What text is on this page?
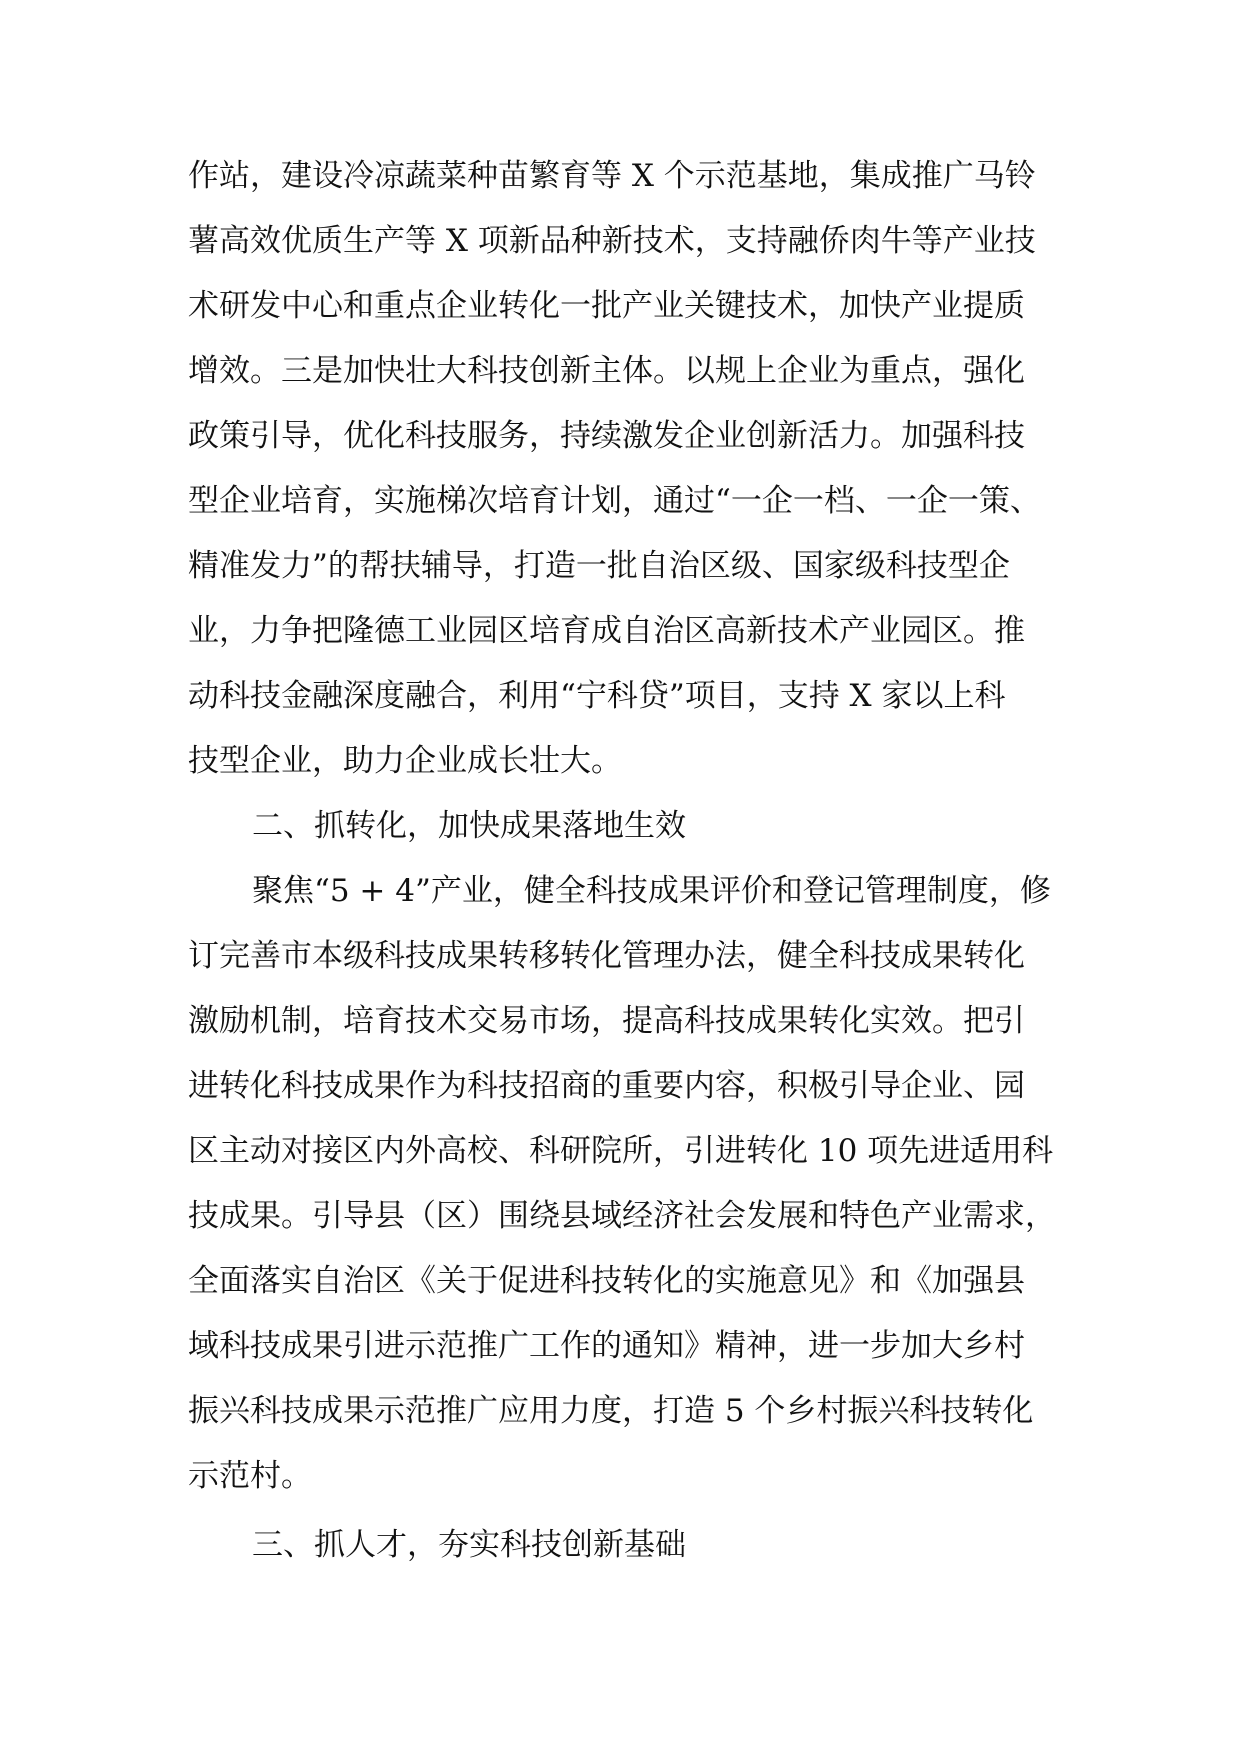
作站，建设冷凉蔬菜种苗繁育等 X 个示范基地，集成推广马铃
薯高效优质生产等 X 项新品种新技术，支持融侨肉牛等产业技
术研发中心和重点企业转化一批产业关键技术，加快产业提质
增效。三是加快壮大科技创新主体。以规上企业为重点，强化
政策引导，优化科技服务，持续激发企业创新活力。加强科技
型企业培育，实施梯次培育计划，通过“一企一档、一企一策、
精准发力”的帮扶辅导，打造一批自治区级、国家级科技型企
业，力争把隆德工业园区培育成自治区高新技术产业园区。推
动科技金融深度融合，利用“宁科贷”项目，支持 X 家以上科
技型企业，助力企业成长壮大。
二、抓转化，加快成果落地生效
聚焦“5 + 4”产业，健全科技成果评价和登记管理制度，修
订完善市本级科技成果转移转化管理办法，健全科技成果转化
激励机制，培育技术交易市场，提高科技成果转化实效。把引
进转化科技成果作为科技招商的重要内容，积极引导企业、园
区主动对接区内外高校、科研院所，引进转化 10 项先进适用科
技成果。引导县（区）围绕县域经济社会发展和特色产业需求，
全面落实自治区《关于促进科技转化的实施意见》和《加强县
域科技成果引进示范推广工作的通知》精神，进一步加大乡村
振兴科技成果示范推广应用力度，打造 5 个乡村振兴科技转化
示范村。
三、抓人才，夯实科技创新基础
